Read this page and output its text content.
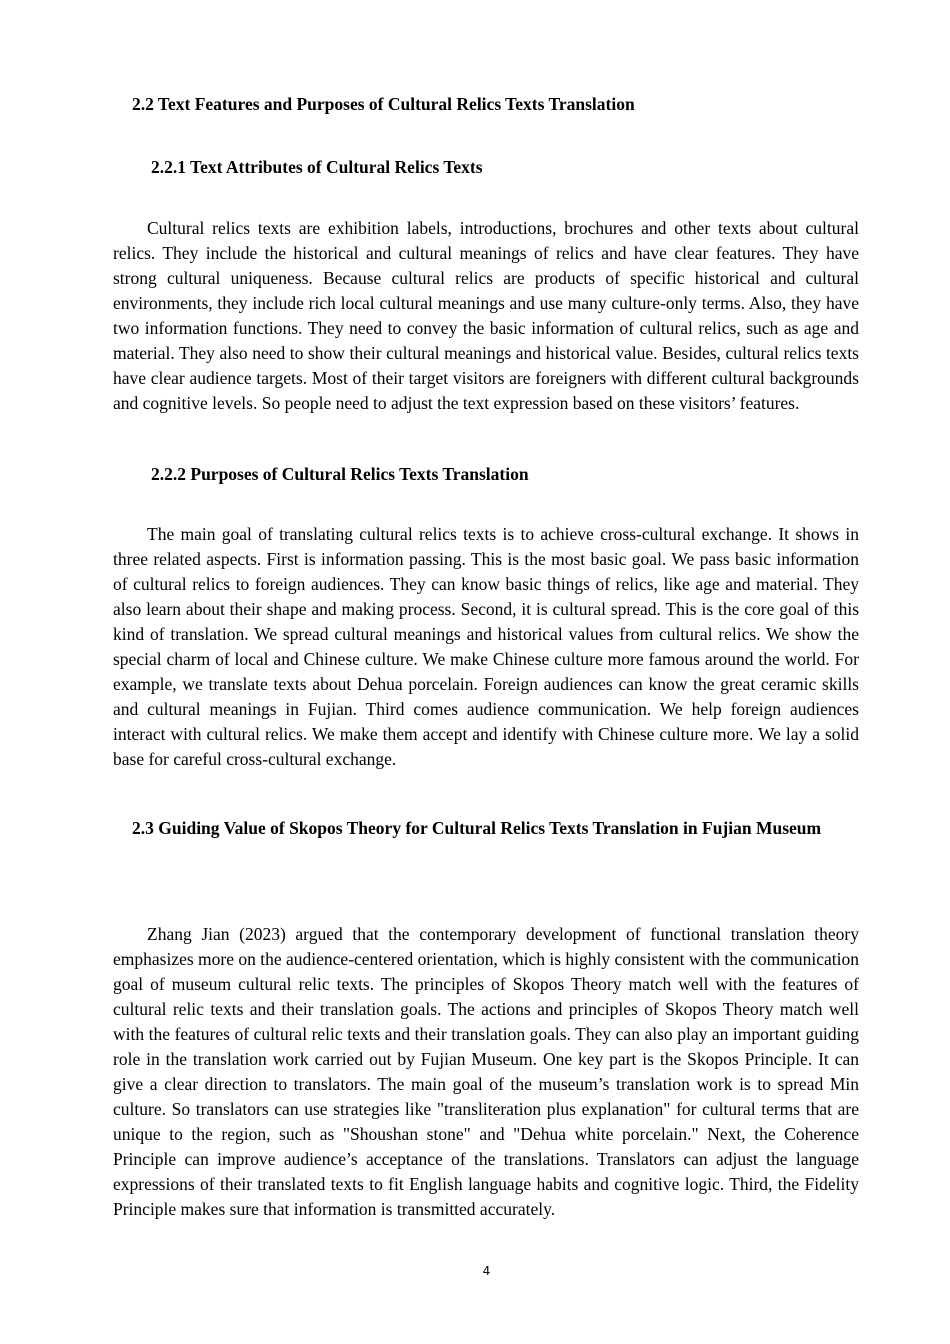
2.2 Text Features and Purposes of Cultural Relics Texts Translation
2.2.1 Text Attributes of Cultural Relics Texts

Cultural relics texts are exhibition labels, introductions, brochures and other texts about cultural relics. They include the historical and cultural meanings of relics and have clear features. They have strong cultural uniqueness. Because cultural relics are products of specific historical and cultural environments, they include rich local cultural meanings and use many culture-only terms. Also, they have two information functions. They need to convey the basic information of cultural relics, such as age and material. They also need to show their cultural meanings and historical value. Besides, cultural relics texts have clear audience targets. Most of their target visitors are foreigners with different cultural backgrounds and cognitive levels. So people need to adjust the text expression based on these visitors’ features.

2.2.2 Purposes of Cultural Relics Texts Translation

The main goal of translating cultural relics texts is to achieve cross-cultural exchange. It shows in three related aspects. First is information passing. This is the most basic goal. We pass basic information of cultural relics to foreign audiences. They can know basic things of relics, like age and material. They also learn about their shape and making process. Second, it is cultural spread. This is the core goal of this kind of translation. We spread cultural meanings and historical values from cultural relics. We show the special charm of local and Chinese culture. We make Chinese culture more famous around the world. For example, we translate texts about Dehua porcelain. Foreign audiences can know the great ceramic skills and cultural meanings in Fujian. Third comes audience communication. We help foreign audiences interact with cultural relics. We make them accept and identify with Chinese culture more. We lay a solid base for careful cross-cultural exchange.

2.3 Guiding Value of Skopos Theory for Cultural Relics Texts Translation in Fujian Museum

Zhang Jian (2023) argued that the contemporary development of functional translation theory emphasizes more on the audience-centered orientation, which is highly consistent with the communication goal of museum cultural relic texts. The principles of Skopos Theory match well with the features of cultural relic texts and their translation goals. The actions and principles of Skopos Theory match well with the features of cultural relic texts and their translation goals. They can also play an important guiding role in the translation work carried out by Fujian Museum. One key part is the Skopos Principle. It can give a clear direction to translators. The main goal of the museum’s translation work is to spread Min culture. So translators can use strategies like "transliteration plus explanation" for cultural terms that are unique to the region, such as "Shoushan stone" and "Dehua white porcelain." Next, the Coherence Principle can improve audience’s acceptance of the translations. Translators can adjust the language expressions of their translated texts to fit English language habits and cognitive logic. Third, the Fidelity Principle makes sure that information is transmitted accurately.

4
